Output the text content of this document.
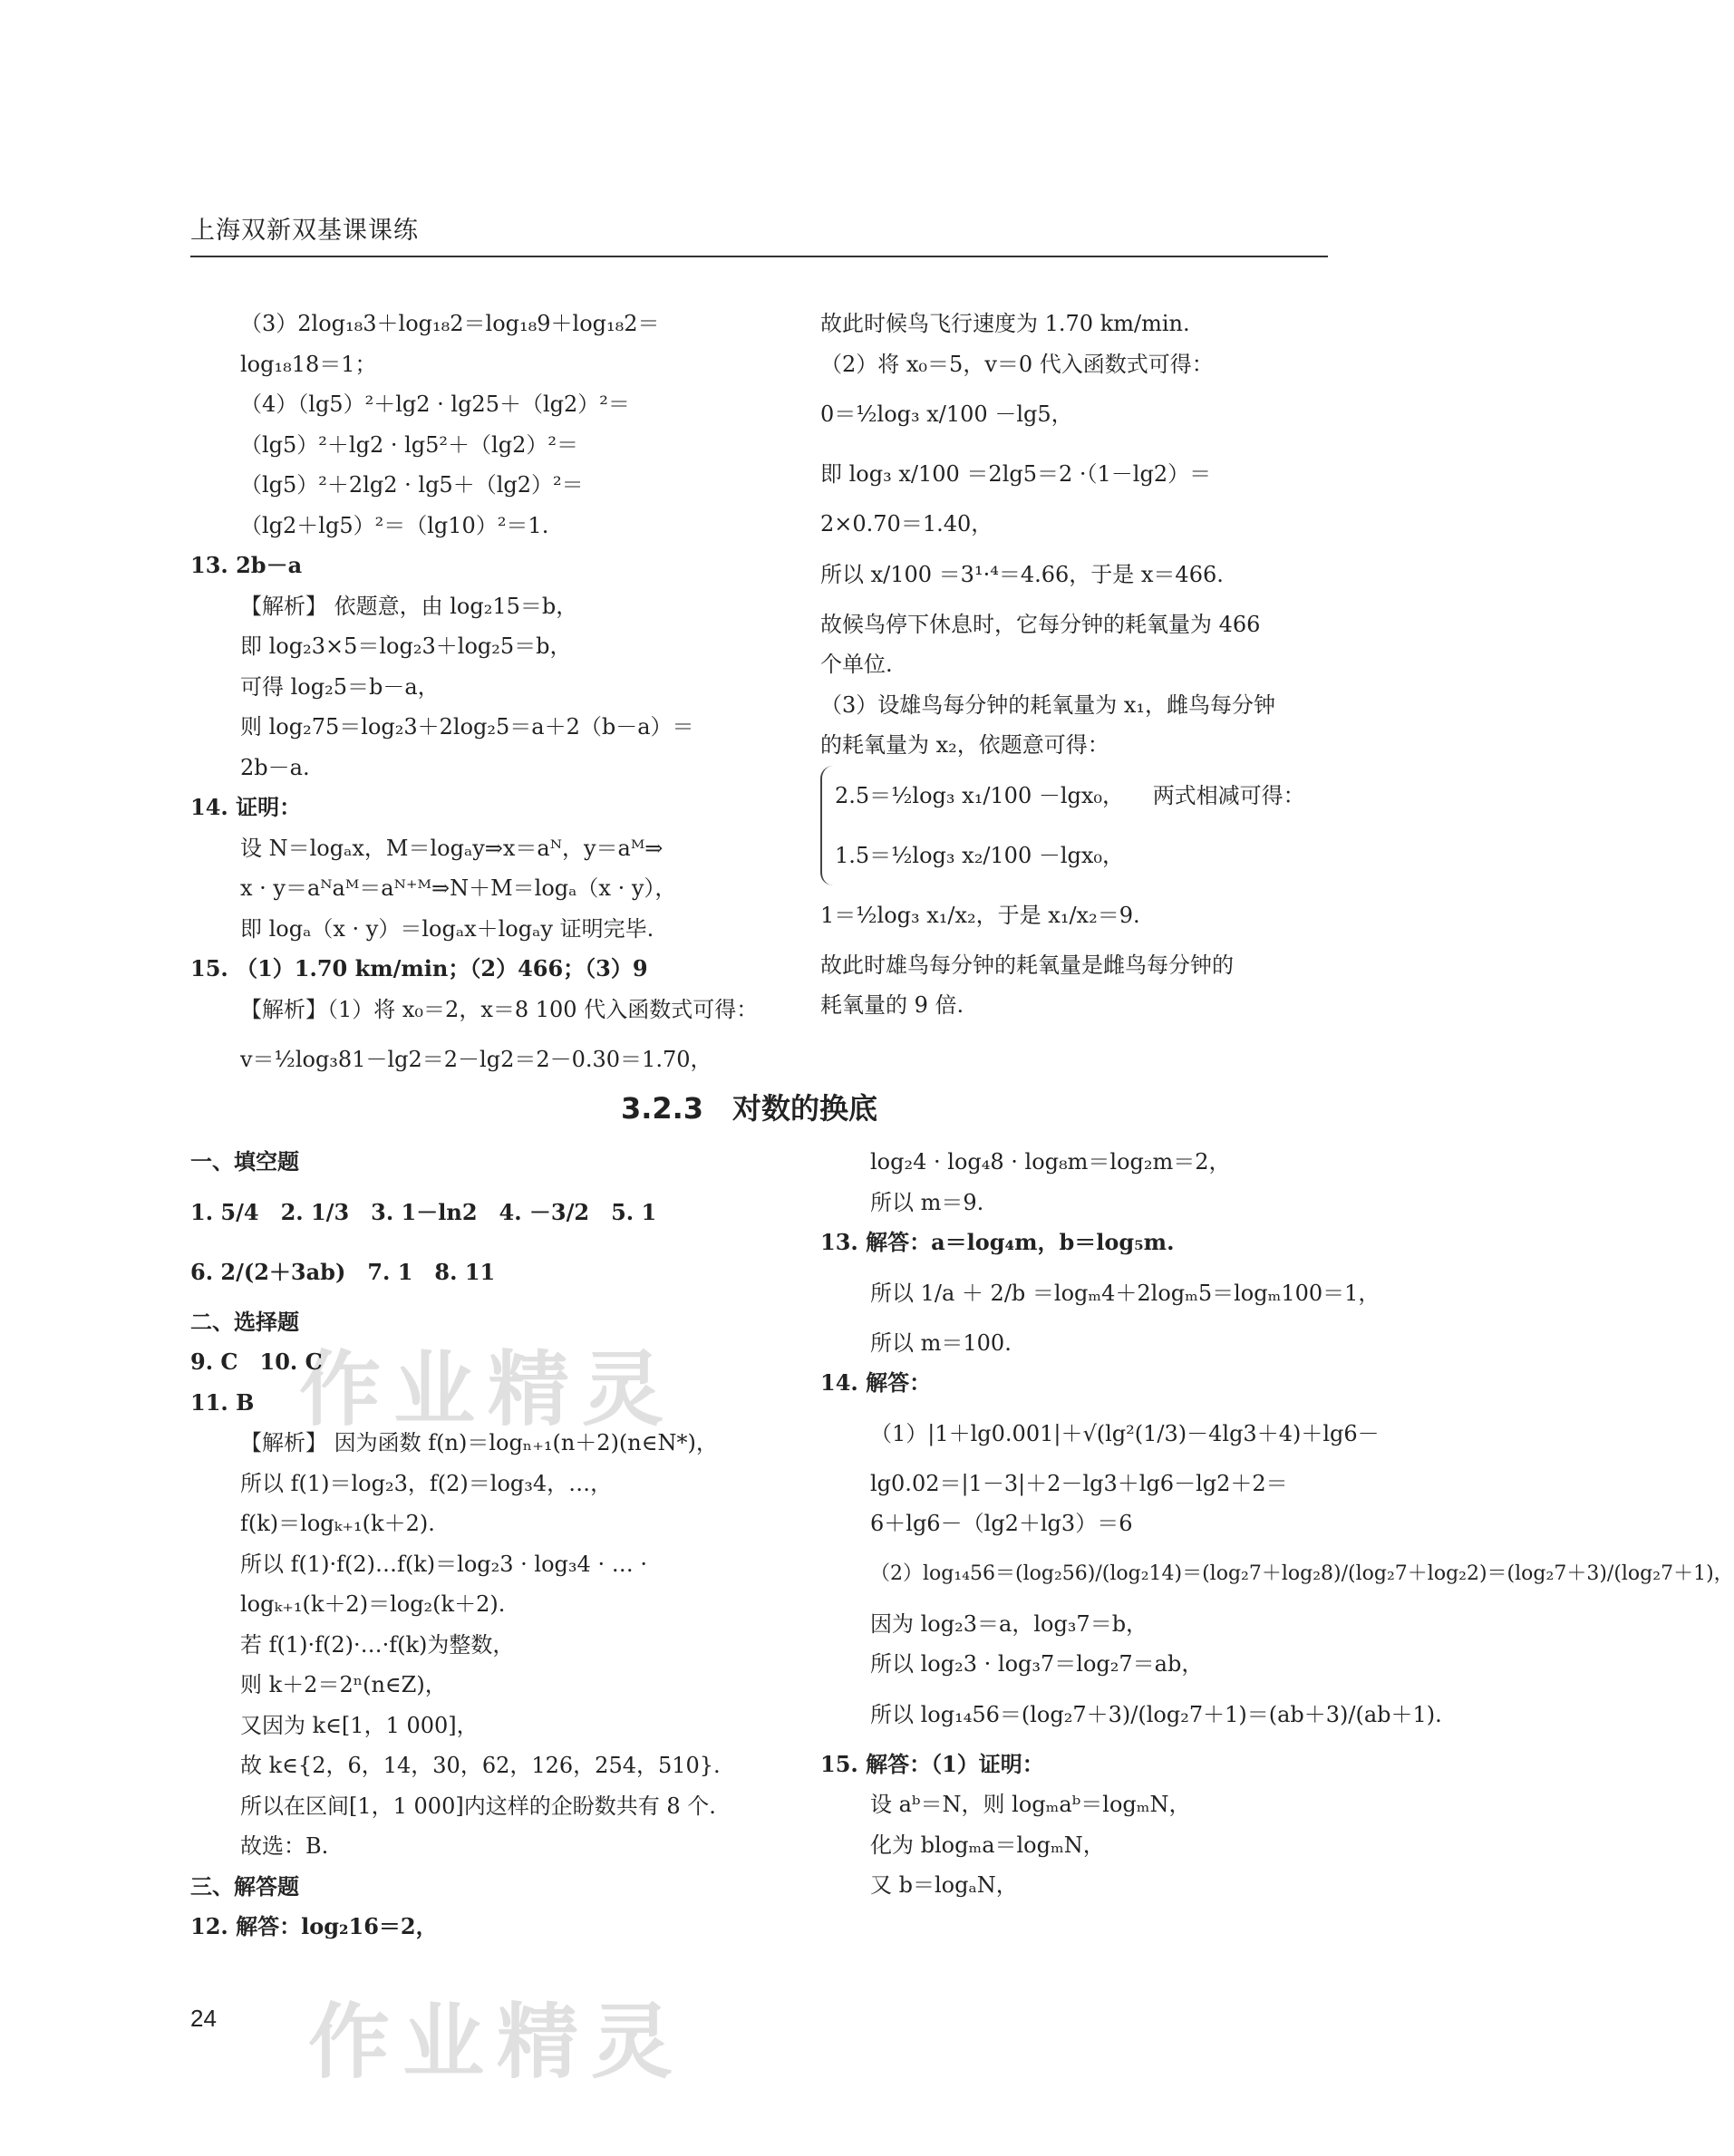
上海双新双基课课练
（3）2log₁₈3＋log₁₈2＝log₁₈9＋log₁₈2＝
log₁₈18＝1；
（4）（lg5）²＋lg2 · lg25＋（lg2）²＝
（lg5）²＋lg2 · lg5²＋（lg2）²＝
（lg5）²＋2lg2 · lg5＋（lg2）²＝
（lg2＋lg5）²＝（lg10）²＝1.
13. 2b－a
【解析】 依题意，由 log₂15＝b，
即 log₂3×5＝log₂3＋log₂5＝b，
可得 log₂5＝b－a，
则 log₂75＝log₂3＋2log₂5＝a＋2（b－a）＝
2b－a.
14. 证明：
设 N＝logₐx，M＝logₐy⇒x＝aᴺ，y＝aᴹ⇒
x · y＝aᴺaᴹ＝aᴺ⁺ᴹ⇒N＋M＝logₐ（x · y），
即 logₐ（x · y）＝logₐx＋logₐy 证明完毕.
15. （1）1.70 km/min；（2）466；（3）9
【解析】（1）将 x₀＝2，x＝8 100 代入函数式可得：
v＝½log₃81－lg2＝2－lg2＝2－0.30＝1.70，
故此时候鸟飞行速度为 1.70 km/min.
（2）将 x₀＝5，v＝0 代入函数式可得：
0＝½log₃ x/100 －lg5，
即 log₃ x/100 ＝2lg5＝2 ·（1－lg2）＝
2×0.70＝1.40，
所以 x/100 ＝3¹·⁴＝4.66，于是 x＝466.
故候鸟停下休息时，它每分钟的耗氧量为 466
个单位.
（3）设雄鸟每分钟的耗氧量为 x₁，雌鸟每分钟
的耗氧量为 x₂，依题意可得：
2.5＝½log₃ x₁/100 －lgx₀， 两式相减可得：
1.5＝½log₃ x₂/100 －lgx₀，
1＝½log₃ x₁/x₂，于是 x₁/x₂＝9.
故此时雄鸟每分钟的耗氧量是雌鸟每分钟的
耗氧量的 9 倍.
3.2.3　对数的换底
一、填空题
1. 5/4　2. 1/3　3. 1－ln2　4. －3/2　5. 1
6. 2/(2＋3ab)　7. 1　8. 11
二、选择题
9. C　10. C
11. B
【解析】 因为函数 f(n)＝logₙ₊₁(n＋2)(n∈N*)，
所以 f(1)＝log₂3，f(2)＝log₃4，…，
f(k)＝logₖ₊₁(k＋2).
所以 f(1)·f(2)…f(k)＝log₂3 · log₃4 · … ·
logₖ₊₁(k＋2)＝log₂(k＋2).
若 f(1)·f(2)·…·f(k)为整数，
则 k＋2＝2ⁿ(n∈Z)，
又因为 k∈[1，1 000]，
故 k∈{2，6，14，30，62，126，254，510}.
所以在区间[1，1 000]内这样的企盼数共有 8 个.
故选：B.
三、解答题
12. 解答：log₂16＝2，
log₂4 · log₄8 · log₈m＝log₂m＝2，
所以 m＝9.
13. 解答：a＝log₄m，b＝log₅m.
所以 1/a ＋ 2/b ＝logₘ4＋2logₘ5＝logₘ100＝1，
所以 m＝100.
14. 解答：
（1）|1＋lg0.001|＋√(lg²(1/3)－4lg3＋4)＋lg6－
lg0.02＝|1－3|＋2－lg3＋lg6－lg2＋2＝
6＋lg6－（lg2＋lg3）＝6
（2）log₁₄56＝(log₂56)/(log₂14)＝(log₂7＋log₂8)/(log₂7＋log₂2)＝(log₂7＋3)/(log₂7＋1)，
因为 log₂3＝a，log₃7＝b，
所以 log₂3 · log₃7＝log₂7＝ab，
所以 log₁₄56＝(log₂7＋3)/(log₂7＋1)＝(ab＋3)/(ab＋1).
15. 解答：（1）证明：
设 aᵇ＝N，则 logₘaᵇ＝logₘN，
化为 blogₘa＝logₘN，
又 b＝logₐN，
作业精灵
作业精灵
24
